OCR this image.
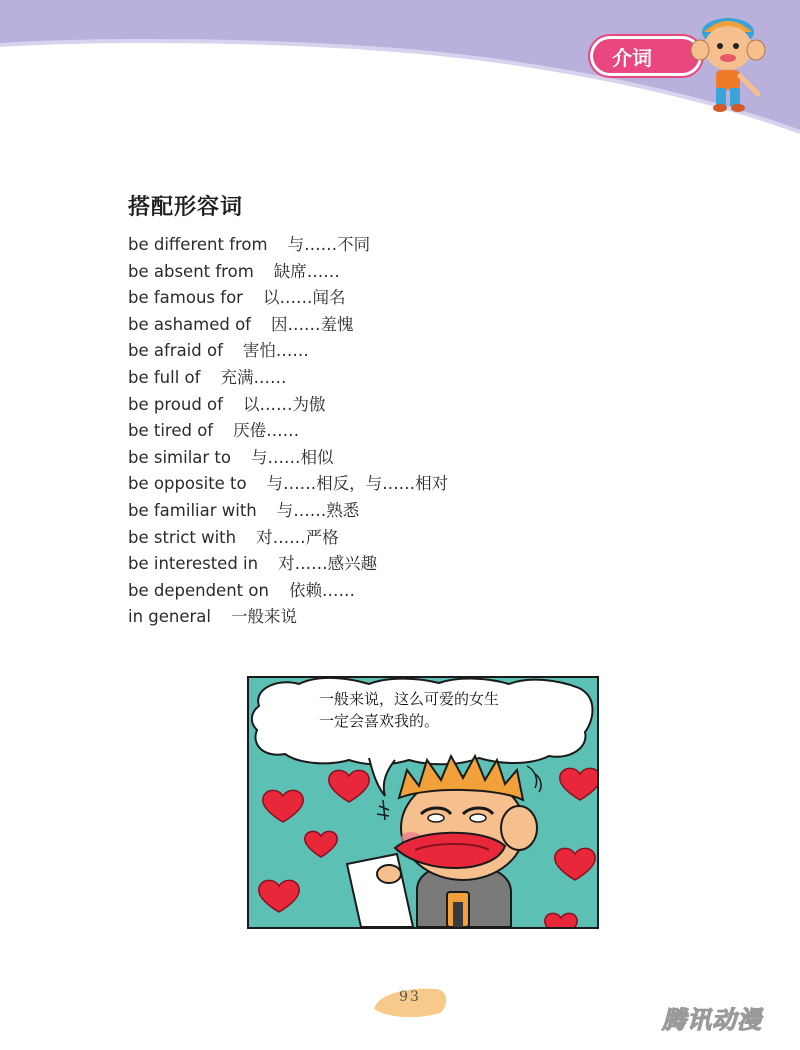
介词
搭配形容词
be different from 与……不同
be absent from 缺席……
be famous for 以……闻名
be ashamed of 因……羞愧
be afraid of 害怕……
be full of 充满……
be proud of 以……为傲
be tired of 厌倦……
be similar to 与……相似
be opposite to 与……相反，与……相对
be familiar with 与……熟悉
be strict with 对……严格
be interested in 对……感兴趣
be dependent on 依赖……
in general 一般来说
一般来说，这么可爱的女生
一定会喜欢我的。
93
腾讯动漫
